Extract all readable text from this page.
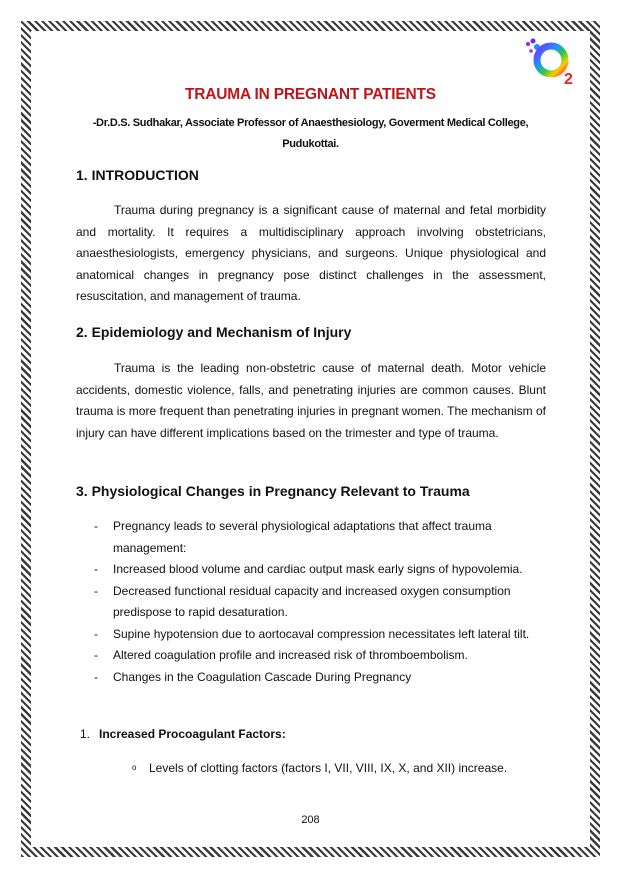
2
TRAUMA IN PREGNANT PATIENTS
-Dr.D.S. Sudhakar, Associate Professor of Anaesthesiology, Goverment Medical College,
Pudukottai.
1. INTRODUCTION

Trauma during pregnancy is a significant cause of maternal and fetal morbidity and mortality. It requires a multidisciplinary approach involving obstetricians, anaesthesiologists, emergency physicians, and surgeons. Unique physiological and anatomical changes in pregnancy pose distinct challenges in the assessment, resuscitation, and management of trauma.

2. Epidemiology and Mechanism of Injury

Trauma is the leading non-obstetric cause of maternal death. Motor vehicle accidents, domestic violence, falls, and penetrating injuries are common causes. Blunt trauma is more frequent than penetrating injuries in pregnant women. The mechanism of injury can have different implications based on the trimester and type of trauma.

3. Physiological Changes in Pregnancy Relevant to Trauma
- Pregnancy leads to several physiological adaptations that affect trauma management:
- Increased blood volume and cardiac output mask early signs of hypovolemia.
- Decreased functional residual capacity and increased oxygen consumption predispose to rapid desaturation.
- Supine hypotension due to aortocaval compression necessitates left lateral tilt.
- Altered coagulation profile and increased risk of thromboembolism.
- Changes in the Coagulation Cascade During Pregnancy
1. Increased Procoagulant Factors:
o Levels of clotting factors (factors I, VII, VIII, IX, X, and XII) increase.
208
